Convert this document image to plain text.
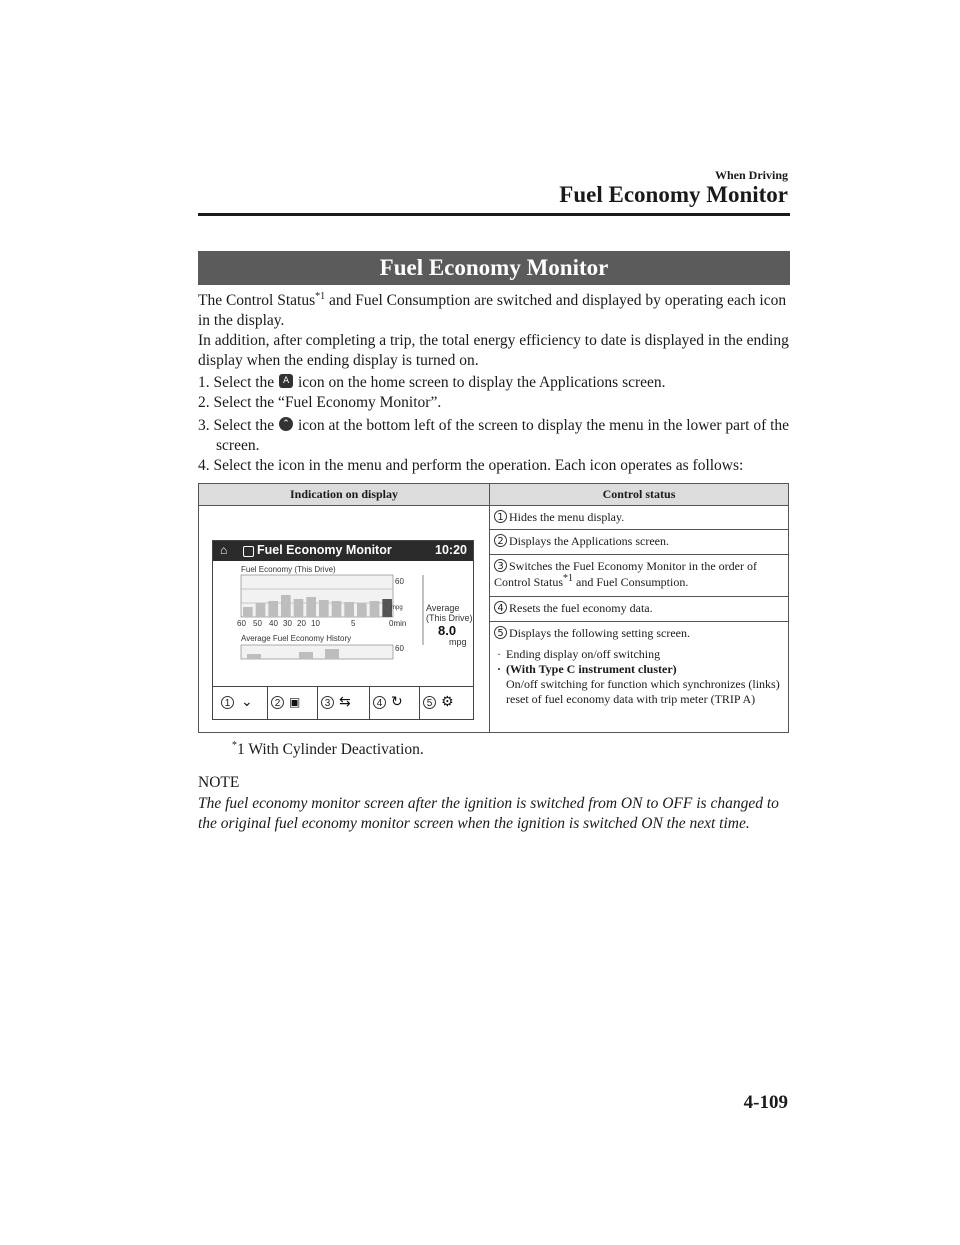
When Driving
Fuel Economy Monitor
Fuel Economy Monitor
The Control Status$^{*1}$ and Fuel Consumption are switched and displayed by operating each icon in the display.
In addition, after completing a trip, the total energy efficiency to date is displayed in the ending display when the ending display is turned on.
1. Select the A icon on the home screen to display the Applications screen.
2. Select the “Fuel Economy Monitor”.
3. Select the ⌃ icon at the bottom left of the screen to display the menu in the lower part of the screen.
4. Select the icon in the menu and perform the operation. Each icon operates as follows:
Indication on display	Control status
⌂ Fuel Economy Monitor	10:20
Fuel Economy (This Drive)
60
mpg
0min
60 50 40 30 20 10	5
Average
(This Drive)
8.0
mpg
Average Fuel Economy History
60
1 ⌄	2 ▣	3 ⇆	4 ↻	5 ⚙
1 Hides the menu display.
2 Displays the Applications screen.
3 Switches the Fuel Economy Monitor in the order of Control Status$^{*1}$ and Fuel Consumption.
4 Resets the fuel economy data.
5 Displays the following setting screen.
· Ending display on/off switching
· (With Type C instrument cluster)
On/off switching for function which synchronizes (links) reset of fuel economy data with trip meter (TRIP A)
*1 With Cylinder Deactivation.
NOTE
The fuel economy monitor screen after the ignition is switched from ON to OFF is changed to the original fuel economy monitor screen when the ignition is switched ON the next time.
4-109
